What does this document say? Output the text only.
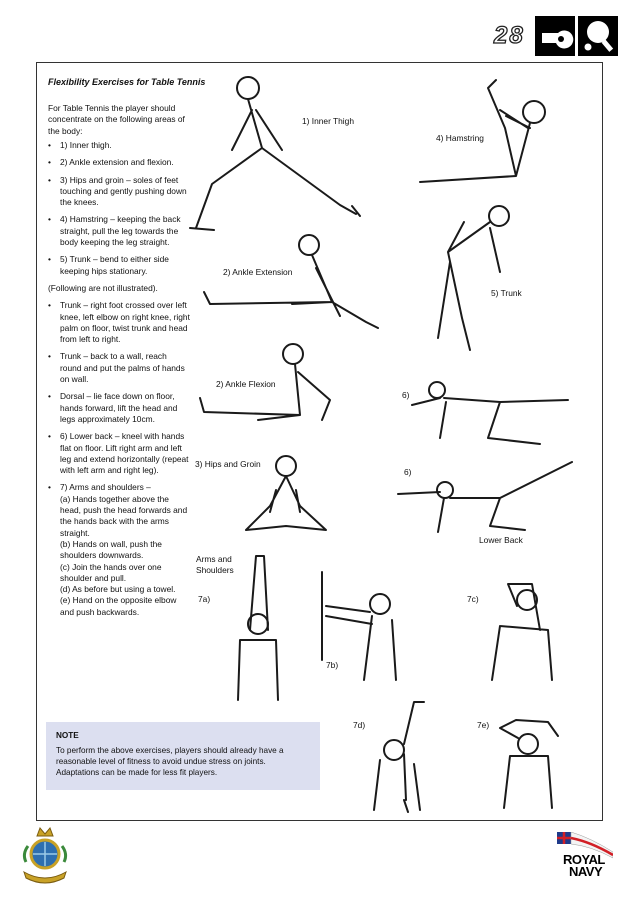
28
Flexibility Exercises for Table Tennis
For Table Tennis the player should concentrate on the following areas of the body:
• 1) Inner thigh.
• 2) Ankle extension and flexion.
• 3) Hips and groin – soles of feet touching and gently pushing down the knees.
• 4) Hamstring – keeping the back straight, pull the leg towards the body keeping the leg straight.
• 5) Trunk – bend to either side keeping hips stationary.
(Following are not illustrated).
• Trunk – right foot crossed over left knee, left elbow on right knee, right palm on floor, twist trunk and head from left to right.
• Trunk – back to a wall, reach round and put the palms of hands on wall.
• Dorsal – lie face down on floor, hands forward, lift the head and legs approximately 10cm.
• 6) Lower back – kneel with hands flat on floor. Lift right arm and left leg and extend horizontally (repeat with left arm and right leg).
• 7) Arms and shoulders –
(a) Hands together above the head, push the head forwards and the hands back with the arms straight.
(b) Hands on wall, push the shoulders downwards.
(c) Join the hands over one shoulder and pull.
(d) As before but using a towel.
(e) Hand on the opposite elbow and push backwards.
1) Inner Thigh
4) Hamstring
2) Ankle Extension
5) Trunk
2) Ankle Flexion
6)
3) Hips and Groin
6)
Lower Back
Arms and Shoulders
7a)	7c)
7b)
7d)	7e)
NOTE
To perform the above exercises, players should already have a reasonable level of fitness to avoid undue stress on joints. Adaptations can be made for less fit players.
ROYAL
NAVY
